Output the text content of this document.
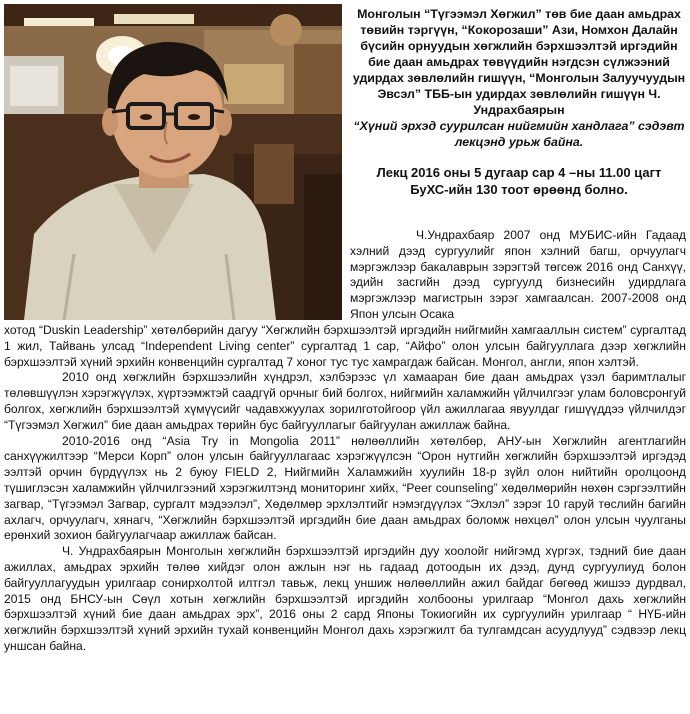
Монголын “Түгээмэл Хөгжил” төв бие даан амьдрах төвийн тэргүүн, “Кокорозаши” Ази, Номхон Далайн бүсийн орнуудын хөгжлийн бэрхшээлтэй иргэдийн бие даан амьдрах төвүүдийн нэгдсэн сүлжээний удирдах зөвлөлийн гишүүн, “Монголын Залуучуудын Эвсэл” ТББ-ын удирдах зөвлөлийн гишүүн Ч. Ундрахбаярын

“Хүний эрхэд суурилсан нийгмийн хандлага” сэдэвт лекцэнд урьж байна.

Лекц 2016 оны 5 дугаар сар 4 –ны 11.00 цагт

БуХС-ийн 130 тоот өрөөнд болно.

Ч.Ундрахбаяр 2007 онд МУБИС-ийн Гадаад хэлний дээд сургуулийг япон хэлний багш, орчуулагч мэргэжлээр бакалаврын зэрэгтэй төгсөж 2016 онд Санхүү, эдийн засгийн дээд сургуулд бизнесийн удирдлага мэргэжлээр магистрын зэрэг хамгаалсан. 2007-2008 онд Япон улсын Осака

хотод “Duskin Leadership” хөтөлбөрийн дагуу “Хөгжлийн бэрхшээлтэй иргэдийн нийгмийн хамгааллын систем” сургалтад 1 жил, Тайвань улсад “Independent Living center” сургалтад 1 сар, “Айфо” олон улсын байгууллага дээр хөгжлийн бэрхшээлтэй хүний эрхийн конвенцийн сургалтад 7 хоног тус тус хамрагдаж байсан. Монгол, англи, япон хэлтэй.

2010 онд хөгжлийн бэрхшээлийн хүндрэл, хэлбэрээс үл хамааран бие даан амьдрах үзэл баримтлалыг төлөвшүүлэн хэрэгжүүлэх, хүртээмжтэй саадгүй орчныг бий болгох, нийгмийн халамжийн үйлчилгээг улам боловсронгуй болгох, хөгжлийн бэрхшээлтэй хүмүүсийг чадавхжуулах зорилготойгоор үйл ажиллагаа явуулдаг гишүүддээ үйлчилдэг “Түгээмэл Хөгжил” бие даан амьдрах төрийн бус байгууллагыг байгуулан ажиллаж байна.

2010-2016 онд “Asia Try in Mongolia 2011” нөлөөллийн хөтөлбөр, АНУ-ын Хөгжлийн агентлагийн санхүүжилтээр “Мерси Корп” олон улсын байгууллагаас хэрэгжүүлсэн “Орон нутгийн хөгжлийн бэрхшээлтэй иргэдэд ээлтэй орчин бүрдүүлэх нь 2 буюу FIELD 2, Нийгмийн Халамжийн хуулийн 18-р зүйл олон нийтийн оролцоонд түшиглэсэн халамжийн үйлчилгээний хэрэгжилтэнд мониторинг хийх, “Peer counseling” хөдөлмөрийн нөхөн сэргээлтийн загвар, “Түгээмэл Загвар, сургалт мэдээлэл”, Хөдөлмөр эрхлэлтийг нэмэгдүүлэх “Эхлэл” зэрэг 10 гаруй төслийн багийн ахлагч, орчуулагч, хянагч, “Хөгжлийн бэрхшээлтэй иргэдийн бие даан амьдрах боломж нөхцөл” олон улсын чуулганы ерөнхий зохион байгуулагчаар ажиллаж байсан.

Ч. Ундрахбаярын Монголын хөгжлийн бэрхшээлтэй иргэдийн дуу хоолойг нийгэмд хүргэх, тэдний бие даан ажиллах, амьдрах эрхийн төлөө хийдэг олон ажлын нэг нь гадаад дотоодын их дээд, дунд сургуулиуд болон байгууллагуудын урилгаар сонирхолтой илтгэл тавьж, лекц уншиж нөлөөллийн ажил байдаг бөгөөд жишээ дурдвал, 2015 онд БНСУ-ын Сөүл хотын хөгжлийн бэрхшээлтэй иргэдийн холбооны урилгаар “Монгол дахь хөгжлийн бэрхшээлтэй хүний бие даан амьдрах эрх”, 2016 оны 2 сард Японы Токиогийн их сургуулийн урилгаар “ НҮБ-ийн хөгжлийн бэрхшээлтэй хүний эрхийн тухай конвенцийн Монгол дахь хэрэгжилт ба тулгамдсан асуудлууд” сэдвээр лекц уншсан байна.
